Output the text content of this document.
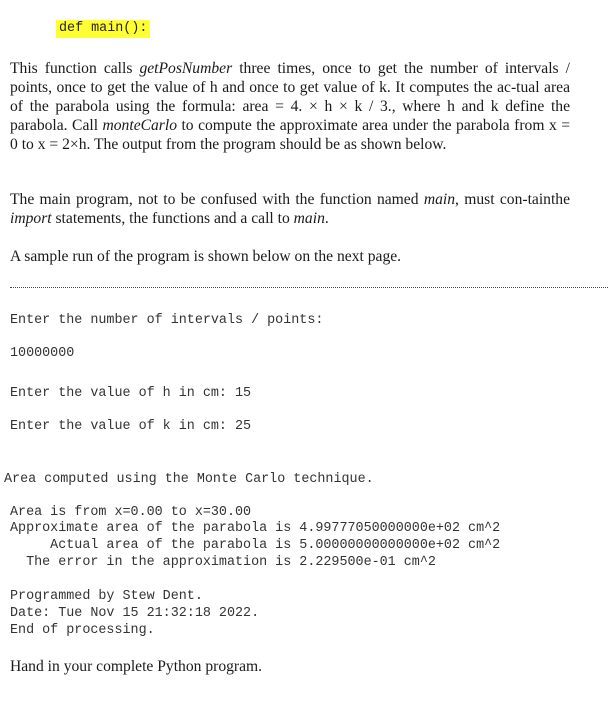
def main():
This function calls getPosNumber three times, once to get the number of intervals / points, once to get the value of h and once to get value of k. It computes the ac-tual area of the parabola using the formula: area = 4. × h × k / 3., where h and k define the parabola. Call monteCarlo to compute the approximate area under the parabola from x = 0 to x = 2×h. The output from the program should be as shown below.
The main program, not to be confused with the function named main, must con-tainthe import statements, the functions and a call to main.
A sample run of the program is shown below on the next page.
Enter the number of intervals / points:
10000000
Enter the value of h in cm: 15
Enter the value of k in cm: 25
Area computed using the Monte Carlo technique.
Area is from x=0.00 to x=30.00
Approximate area of the parabola is 4.99777050000000e+02 cm^2
Actual area of the parabola is 5.00000000000000e+02 cm^2
The error in the approximation is 2.229500e-01 cm^2
Programmed by Stew Dent.
Date: Tue Nov 15 21:32:18 2022.
End of processing.
Hand in your complete Python program.
